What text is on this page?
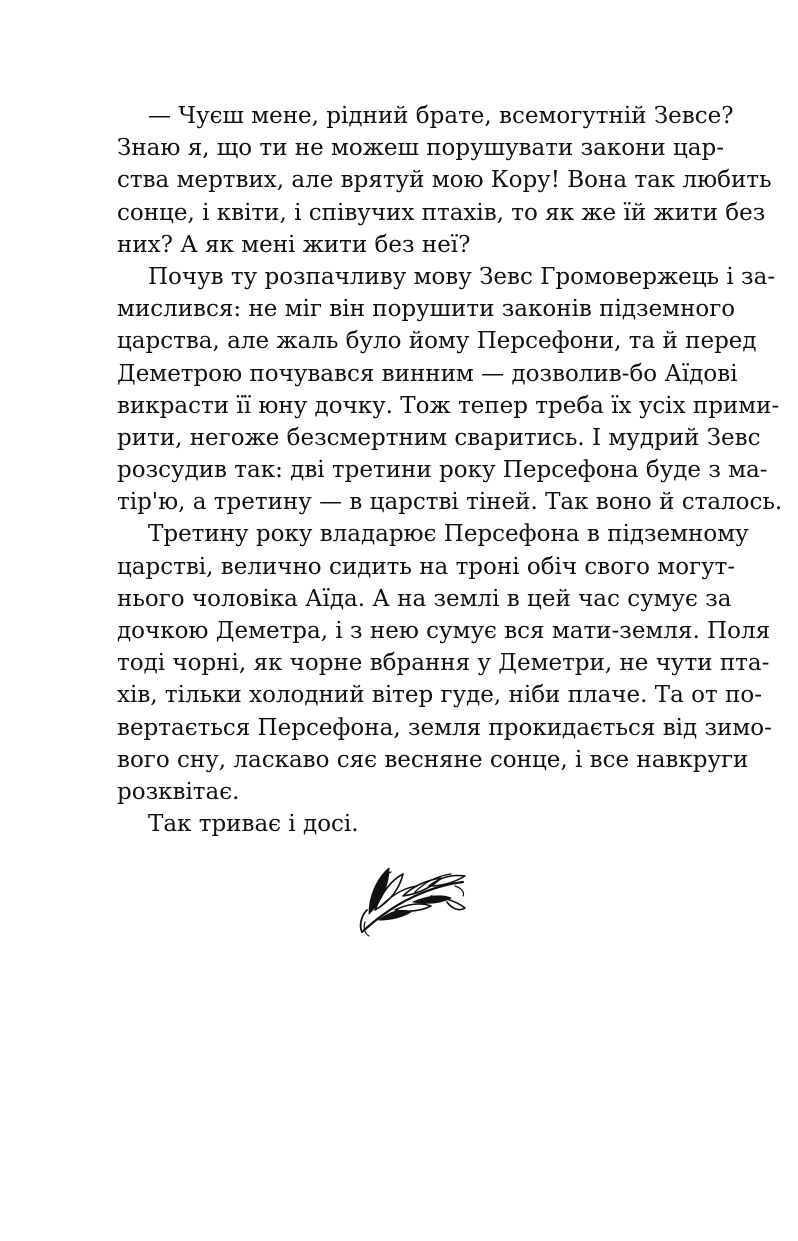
— Чуєш мене, рідний брате, всемогутній Зевсе?
Знаю я, що ти не можеш порушувати закони цар-
ства мертвих, але врятуй мою Кору! Вона так любить
сонце, і квіти, і співучих птахів, то як же їй жити без
них? А як мені жити без неї?
Почув ту розпачливу мову Зевс Громовержець і за-
мислився: не міг він порушити законів підземного
царства, але жаль було йому Персефони, та й перед
Деметрою почувався винним — дозволив-бо Аїдові
викрасти її юну дочку. Тож тепер треба їх усіх прими-
рити, негоже безсмертним сваритись. І мудрий Зевс
розсудив так: дві третини року Персефона буде з ма-
тір'ю, а третину — в царстві тіней. Так воно й сталось.
Третину року владарює Персефона в підземному
царстві, велично сидить на троні обіч свого могут-
нього чоловіка Аїда. А на землі в цей час сумує за
дочкою Деметра, і з нею сумує вся мати-земля. Поля
тоді чорні, як чорне вбрання у Деметри, не чути пта-
хів, тільки холодний вітер гуде, ніби плаче. Та от по-
вертається Персефона, земля прокидається від зимо-
вого сну, ласкаво сяє весняне сонце, і все навкруги
розквітає.
Так триває і досі.
